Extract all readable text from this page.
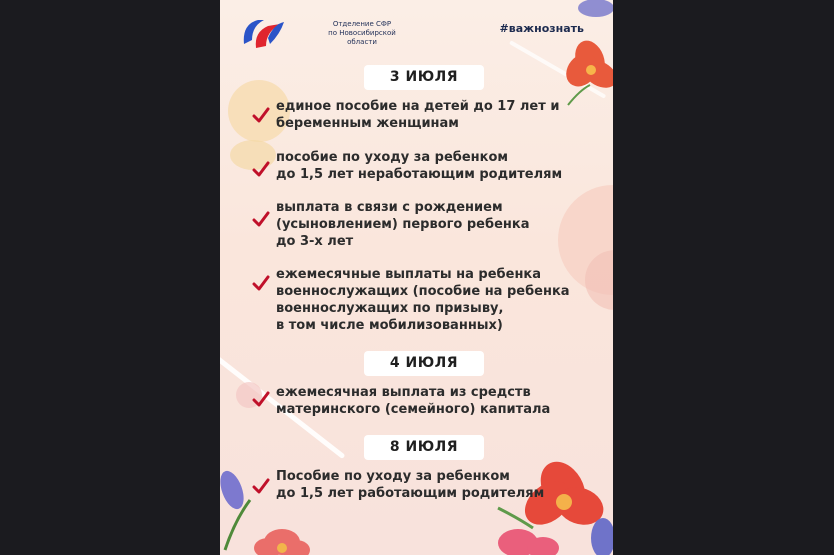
Отделение СФР
по Новосибирской
области
#важнознать
3 ИЮЛЯ
единое пособие на детей до 17 лет и
беременным женщинам
пособие по уходу за ребенком
до 1,5 лет неработающим родителям
выплата в связи с рождением
(усыновлением) первого ребенка
до 3-х лет
ежемесячные выплаты на ребенка
военнослужащих (пособие на ребенка
военнослужащих по призыву,
в том числе мобилизованных)
4 ИЮЛЯ
ежемесячная выплата из средств
материнского (семейного) капитала
8 ИЮЛЯ
Пособие по уходу за ребенком
до 1,5 лет работающим родителям
